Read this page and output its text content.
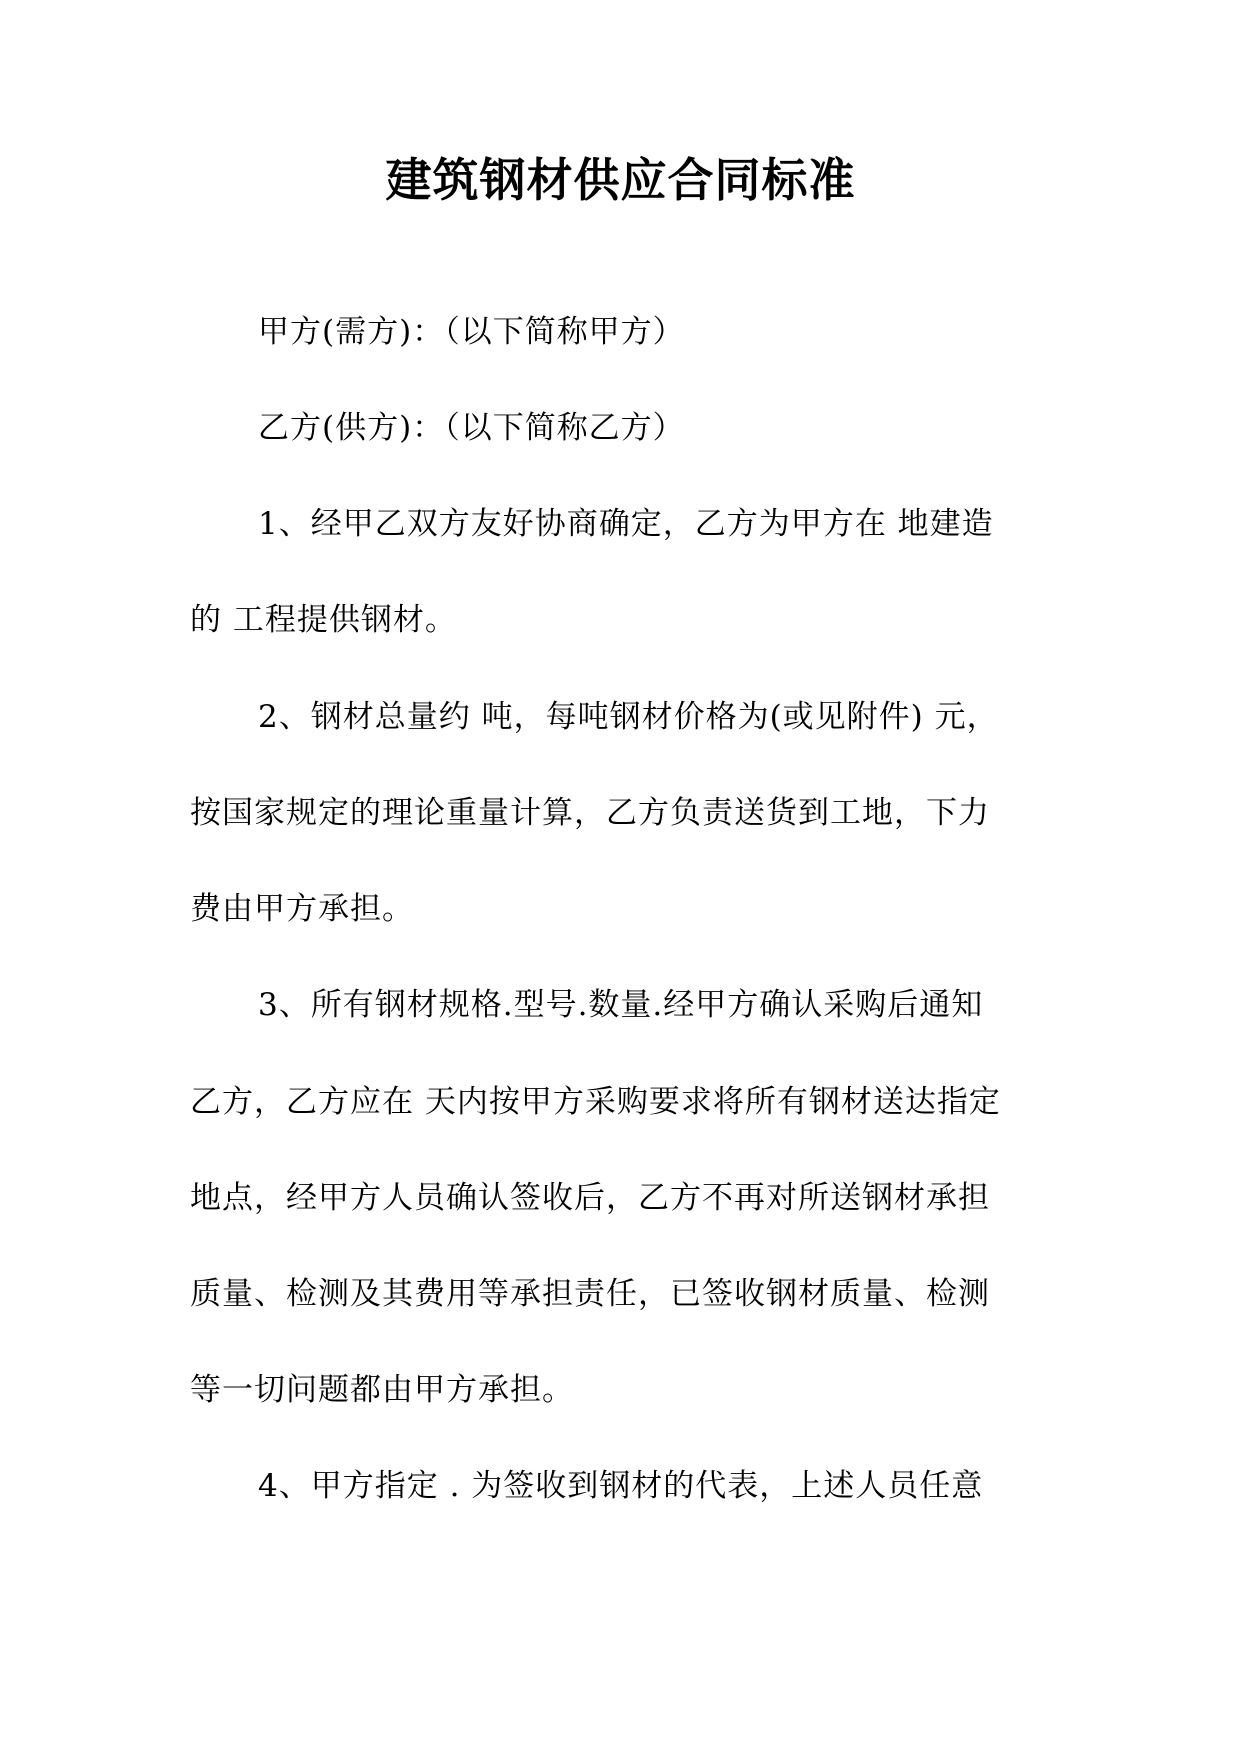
建筑钢材供应合同标准
甲方(需方)：（以下简称甲方）
乙方(供方)：（以下简称乙方）
1、经甲乙双方友好协商确定，乙方为甲方在 地建造
的 工程提供钢材。
2、钢材总量约 吨，每吨钢材价格为(或见附件) 元，
按国家规定的理论重量计算，乙方负责送货到工地，下力
费由甲方承担。
3、所有钢材规格.型号.数量.经甲方确认采购后通知
乙方，乙方应在 天内按甲方采购要求将所有钢材送达指定
地点，经甲方人员确认签收后，乙方不再对所送钢材承担
质量、检测及其费用等承担责任，已签收钢材质量、检测
等一切问题都由甲方承担。
4、甲方指定 . 为签收到钢材的代表，上述人员任意
